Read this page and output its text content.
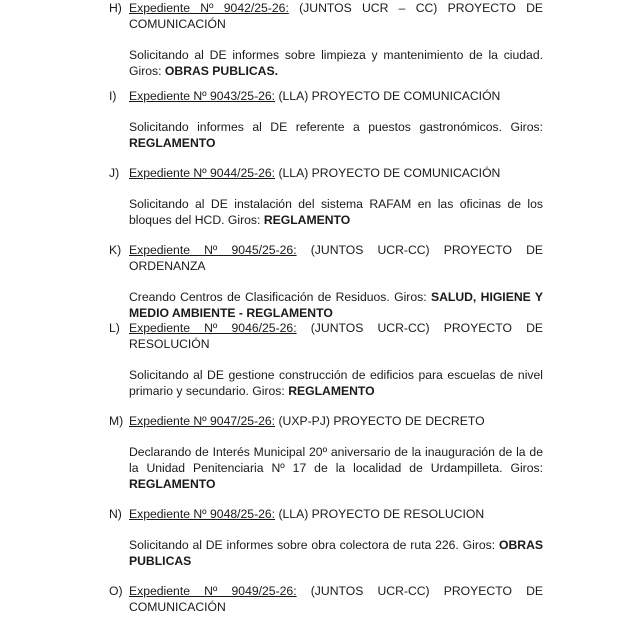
H) Expediente Nº 9042/25-26: (JUNTOS UCR – CC) PROYECTO DE
COMUNICACIÓN
Solicitando al DE informes sobre limpieza y mantenimiento de la ciudad. Giros: OBRAS PUBLICAS.
I) Expediente Nº 9043/25-26: (LLA) PROYECTO DE COMUNICACIÓN
Solicitando informes al DE referente a puestos gastronómicos. Giros: REGLAMENTO
J) Expediente Nº 9044/25-26: (LLA) PROYECTO DE COMUNICACIÓN
Solicitando al DE instalación del sistema RAFAM en las oficinas de los bloques del HCD. Giros: REGLAMENTO
K) Expediente Nº 9045/25-26: (JUNTOS UCR-CC) PROYECTO DE ORDENANZA
Creando Centros de Clasificación de Residuos. Giros: SALUD, HIGIENE Y MEDIO AMBIENTE - REGLAMENTO
L) Expediente Nº 9046/25-26: (JUNTOS UCR-CC) PROYECTO DE
RESOLUCIÓN
Solicitando al DE gestione construcción de edificios para escuelas de nivel primario y secundario. Giros: REGLAMENTO
M) Expediente Nº 9047/25-26: (UXP-PJ) PROYECTO DE DECRETO
Declarando de Interés Municipal 20º aniversario de la inauguración de la de la Unidad Penitenciaria Nº 17 de la localidad de Urdampilleta. Giros: REGLAMENTO
N) Expediente Nº 9048/25-26: (LLA) PROYECTO DE RESOLUCION
Solicitando al DE informes sobre obra colectora de ruta 226. Giros: OBRAS PUBLICAS
O) Expediente Nº 9049/25-26: (JUNTOS UCR-CC) PROYECTO DE
COMUNICACIÓN
